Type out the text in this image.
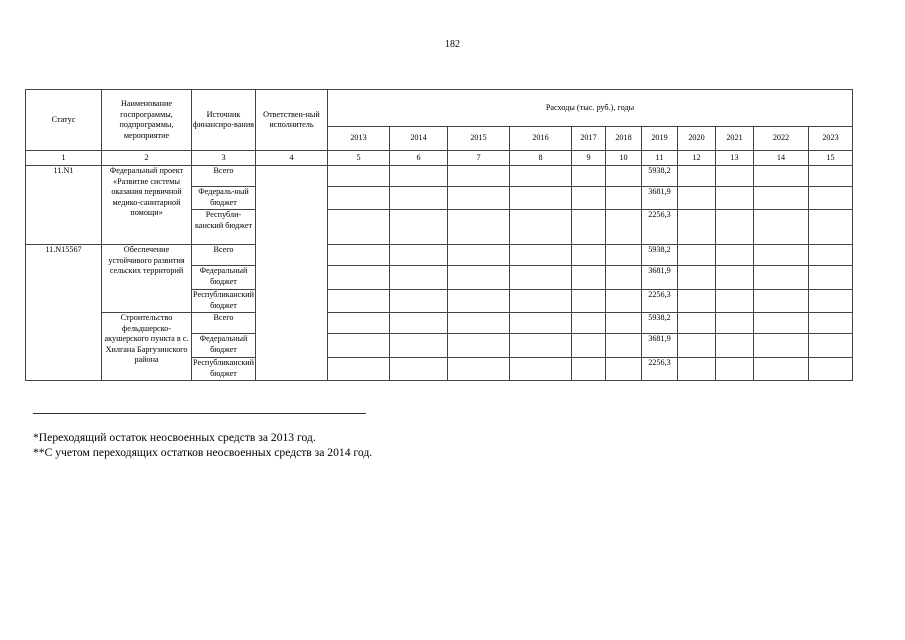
182
Статус	Наименование госпрограммы, подпрограммы, мероприятие	Источник финансиро-вания	Ответствен-ный исполнитель	Расходы (тыс. руб.), годы										
				2013	2014	2015	2016	2017	2018	2019	2020	2021	2022	2023
1	2	3	4	5	6	7	8	9	10	11	12	13	14	15
11.N1	Федеральный проект «Развитие системы оказания первичной медико-санитарной помощи»	Всего								5938,2				

		Федераль-ный бюджет								3681,9				

		Республи-канский бюджет								2256,3				

11.N15567	Обеспечение устойчивого развития сельских территорий	Всего								5938,2				

		Федеральный бюджет								3681,9				

		Республиканский бюджет								2256,3				

	Строительство фельдшерско-акушерского пункта в с. Хилгана Баргузинского района	Всего								5938,2				

		Федеральный бюджет								3681,9				

		Республиканский бюджет								2256,3				

*Переходящий остаток неосвоенных средств за 2013 год.
**С учетом переходящих остатков неосвоенных средств за 2014 год.
